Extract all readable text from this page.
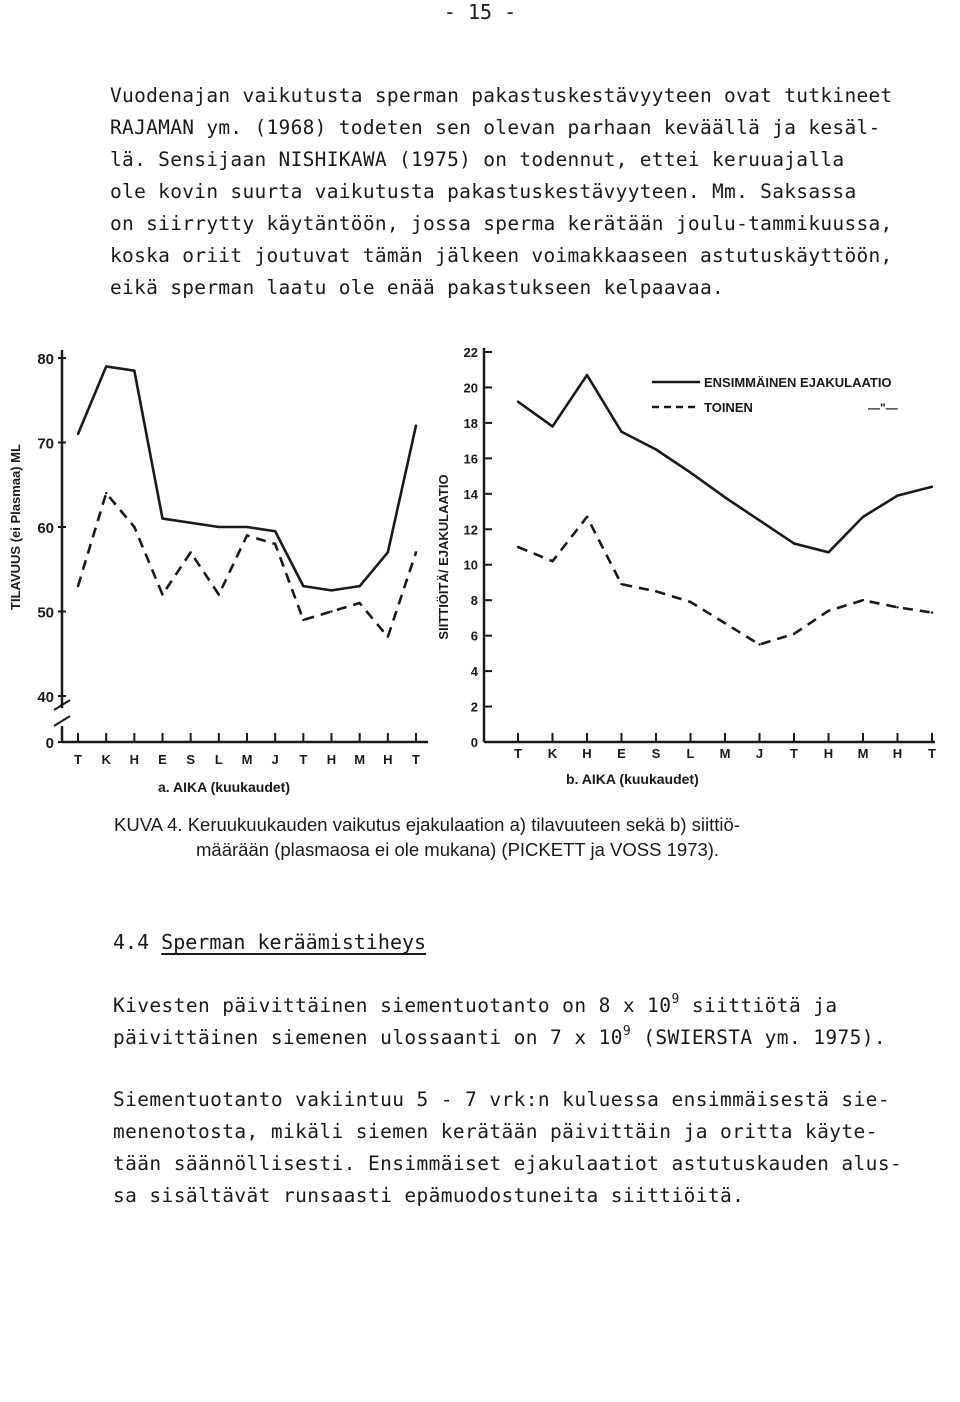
- 15 -
Vuodenajan vaikutusta sperman pakastuskestävyyteen ovat tutkineet
RAJAMAN ym. (1968) todeten sen olevan parhaan keväällä ja kesäl-
lä. Sensijaan NISHIKAWA (1975) on todennut, ettei keruuajalla
ole kovin suurta vaikutusta pakastuskestävyyteen. Mm. Saksassa
on siirrytty käytäntöön, jossa sperma kerätään joulu-tammikuussa,
koska oriit joutuvat tämän jälkeen voimakkaaseen astutuskäyttöön,
eikä sperman laatu ole enää pakastukseen kelpaavaa.
0
40
50
60
70
80
T K H E S L M J T H M H T
TILAVUUS (ei Plasmaa) ML
a. AIKA (kuukaudet)
0
2
4
6
8
10
12
14
16
18
20
22
T K H E S L M J T H M H T
SIITTIÖITÄ/ EJAKULAATIO
b. AIKA (kuukaudet)
ENSIMMÄINEN EJAKULAATIO
TOINEN	—"—
KUVA 4. Keruukuukauden vaikutus ejakulaation a) tilavuuteen sekä b) siittiö-
määrään (plasmaosa ei ole mukana) (PICKETT ja VOSS 1973).
4.4 Sperman keräämistiheys

Kivesten päivittäinen siementuotanto on 8 x $10^9$ siittiötä ja
päivittäinen siemenen ulossaanti on 7 x $10^9$ (SWIERSTA ym. 1975).

Siementuotanto vakiintuu 5 - 7 vrk:n kuluessa ensimmäisestä sie-
menenotosta, mikäli siemen kerätään päivittäin ja oritta käyte-
tään säännöllisesti. Ensimmäiset ejakulaatiot astutuskauden alus-
sa sisältävät runsaasti epämuodostuneita siittiöitä.
